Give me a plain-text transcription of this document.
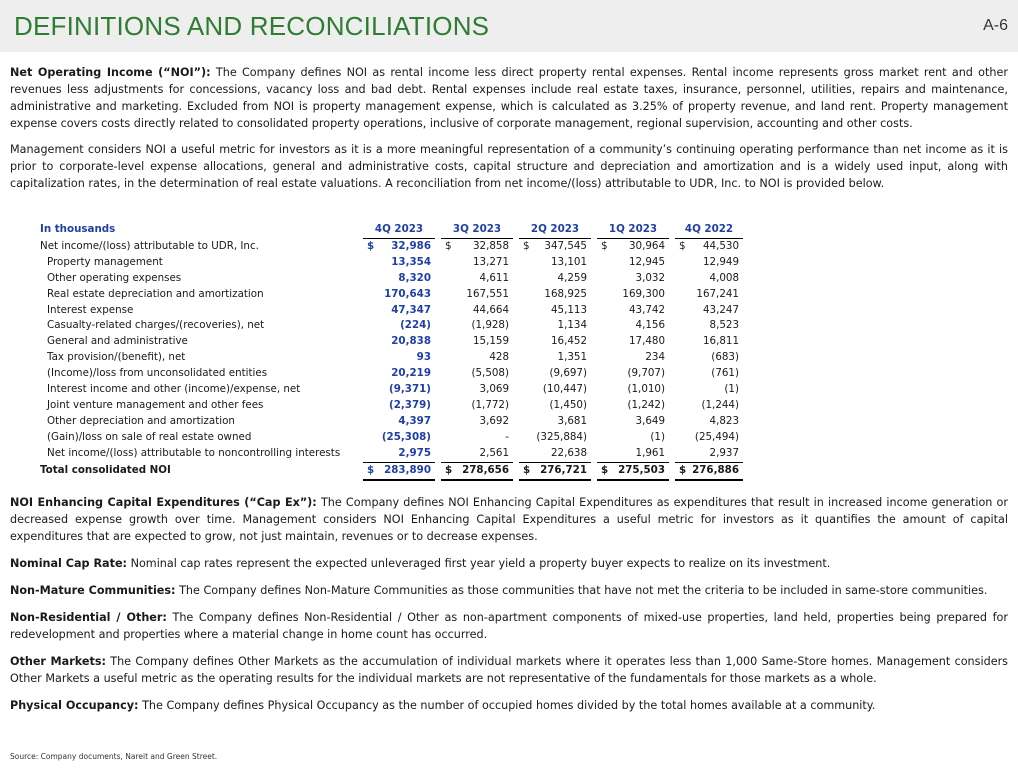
DEFINITIONS AND RECONCILIATIONS	A-6

Net Operating Income (“NOI”): The Company defines NOI as rental income less direct property rental expenses. Rental income represents gross market rent and other revenues less adjustments for concessions, vacancy loss and bad debt. Rental expenses include real estate taxes, insurance, personnel, utilities, repairs and maintenance, administrative and marketing. Excluded from NOI is property management expense, which is calculated as 3.25% of property revenue, and land rent. Property management expense covers costs directly related to consolidated property operations, inclusive of corporate management, regional supervision, accounting and other costs.

Management considers NOI a useful metric for investors as it is a more meaningful representation of a community’s continuing operating performance than net income as it is prior to corporate-level expense allocations, general and administrative costs, capital structure and depreciation and amortization and is a widely used input, along with capitalization rates, in the determination of real estate valuations. A reconciliation from net income/(loss) attributable to UDR, Inc. to NOI is provided below.

In thousands	4Q 2023			3Q 2023			2Q 2023			1Q 2023			4Q 2022	
Net income/(loss) attributable to UDR, Inc.	$	32,986		$	32,858		$	347,545		$	30,964		$	44,530
Property management		13,354			13,271			13,101			12,945			12,949
Other operating expenses		8,320			4,611			4,259			3,032			4,008
Real estate depreciation and amortization		170,643			167,551			168,925			169,300			167,241
Interest expense		47,347			44,664			45,113			43,742			43,247
Casualty-related charges/(recoveries), net		(224)			(1,928)			1,134			4,156			8,523
General and administrative		20,838			15,159			16,452			17,480			16,811
Tax provision/(benefit), net		93			428			1,351			234			(683)
(Income)/loss from unconsolidated entities		20,219			(5,508)			(9,697)			(9,707)			(761)
Interest income and other (income)/expense, net		(9,371)			3,069			(10,447)			(1,010)			(1)
Joint venture management and other fees		(2,379)			(1,772)			(1,450)			(1,242)			(1,244)
Other depreciation and amortization		4,397			3,692			3,681			3,649			4,823
(Gain)/loss on sale of real estate owned		(25,308)			-			(325,884)			(1)			(25,494)
Net income/(loss) attributable to noncontrolling interests		2,975			2,561			22,638			1,961			2,937
Total consolidated NOI	$	283,890		$	278,656		$	276,721		$	275,503		$	276,886

NOI Enhancing Capital Expenditures (“Cap Ex”): The Company defines NOI Enhancing Capital Expenditures as expenditures that result in increased income generation or decreased expense growth over time. Management considers NOI Enhancing Capital Expenditures a useful metric for investors as it quantifies the amount of capital expenditures that are expected to grow, not just maintain, revenues or to decrease expenses.

Nominal Cap Rate: Nominal cap rates represent the expected unleveraged first year yield a property buyer expects to realize on its investment.

Non-Mature Communities: The Company defines Non-Mature Communities as those communities that have not met the criteria to be included in same-store communities.

Non-Residential / Other: The Company defines Non-Residential / Other as non-apartment components of mixed-use properties, land held, properties being prepared for redevelopment and properties where a material change in home count has occurred.

Other Markets: The Company defines Other Markets as the accumulation of individual markets where it operates less than 1,000 Same-Store homes. Management considers Other Markets a useful metric as the operating results for the individual markets are not representative of the fundamentals for those markets as a whole.

Physical Occupancy: The Company defines Physical Occupancy as the number of occupied homes divided by the total homes available at a community.

Source: Company documents, Nareit and Green Street.
